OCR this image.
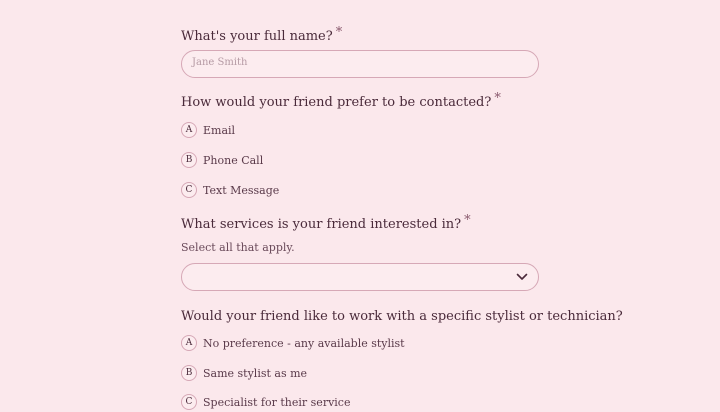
What's your full name? *
Jane Smith
How would your friend prefer to be contacted? *
A Email
B Phone Call
C Text Message
What services is your friend interested in? *
Select all that apply.
Would your friend like to work with a specific stylist or technician?
A No preference - any available stylist
B Same stylist as me
C Specialist for their service
